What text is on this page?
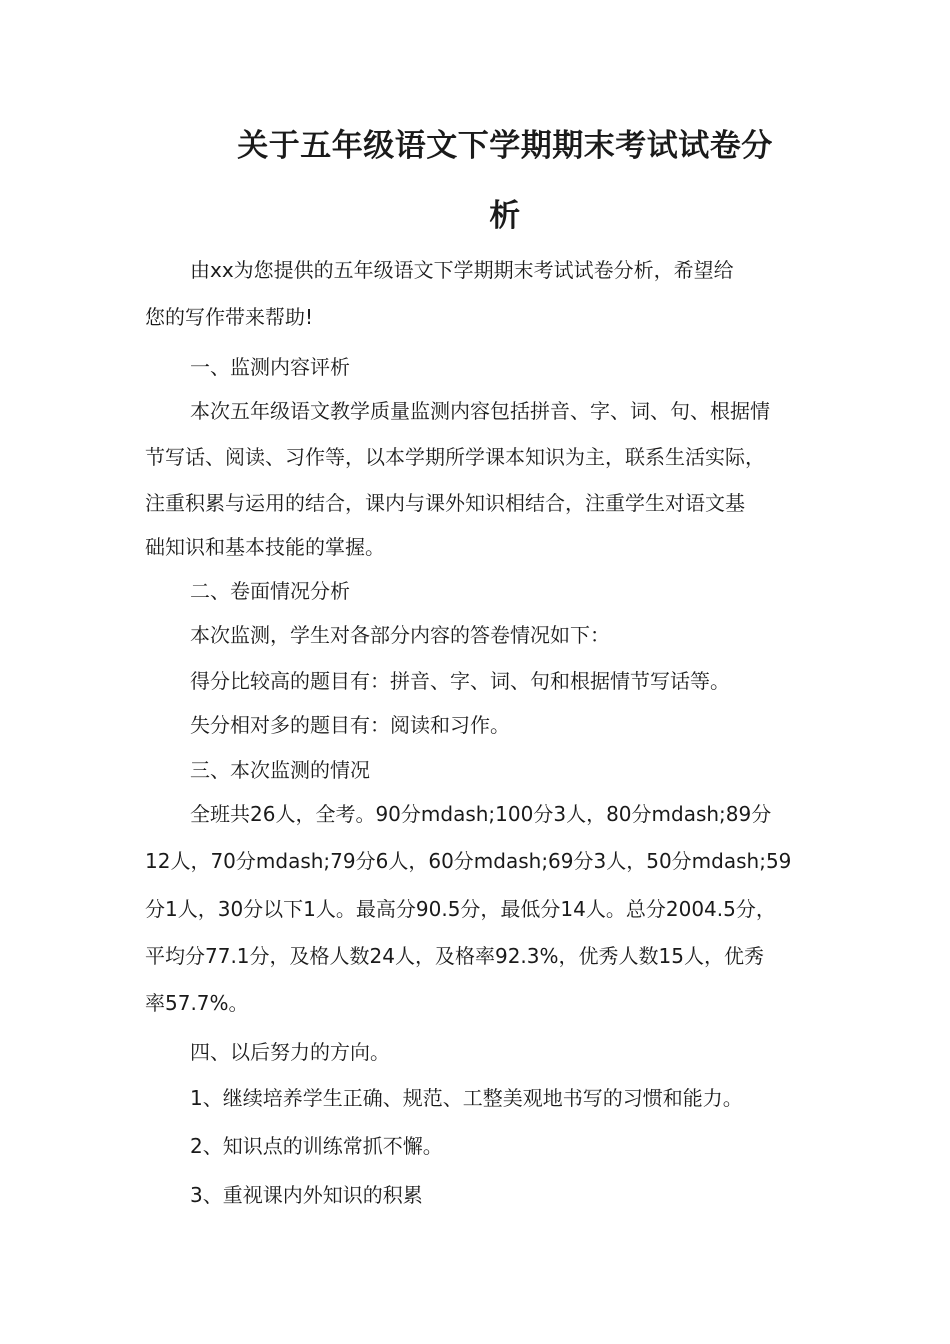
关于五年级语文下学期期末考试试卷分
析

由xx为您提供的五年级语文下学期期末考试试卷分析，希望给

您的写作带来帮助!

一、监测内容评析

本次五年级语文教学质量监测内容包括拼音、字、词、句、根据情

节写话、阅读、习作等，以本学期所学课本知识为主，联系生活实际，

注重积累与运用的结合，课内与课外知识相结合，注重学生对语文基

础知识和基本技能的掌握。

二、卷面情况分析

本次监测，学生对各部分内容的答卷情况如下：

得分比较高的题目有：拼音、字、词、句和根据情节写话等。

失分相对多的题目有：阅读和习作。

三、本次监测的情况

全班共26人，全考。90分mdash;100分3人，80分mdash;89分

12人，70分mdash;79分6人，60分mdash;69分3人，50分mdash;59

分1人，30分以下1人。最高分90.5分，最低分14人。总分2004.5分，

平均分77.1分，及格人数24人，及格率92.3%，优秀人数15人，优秀

率57.7%。

四、以后努力的方向。

1、继续培养学生正确、规范、工整美观地书写的习惯和能力。

2、知识点的训练常抓不懈。

3、重视课内外知识的积累
